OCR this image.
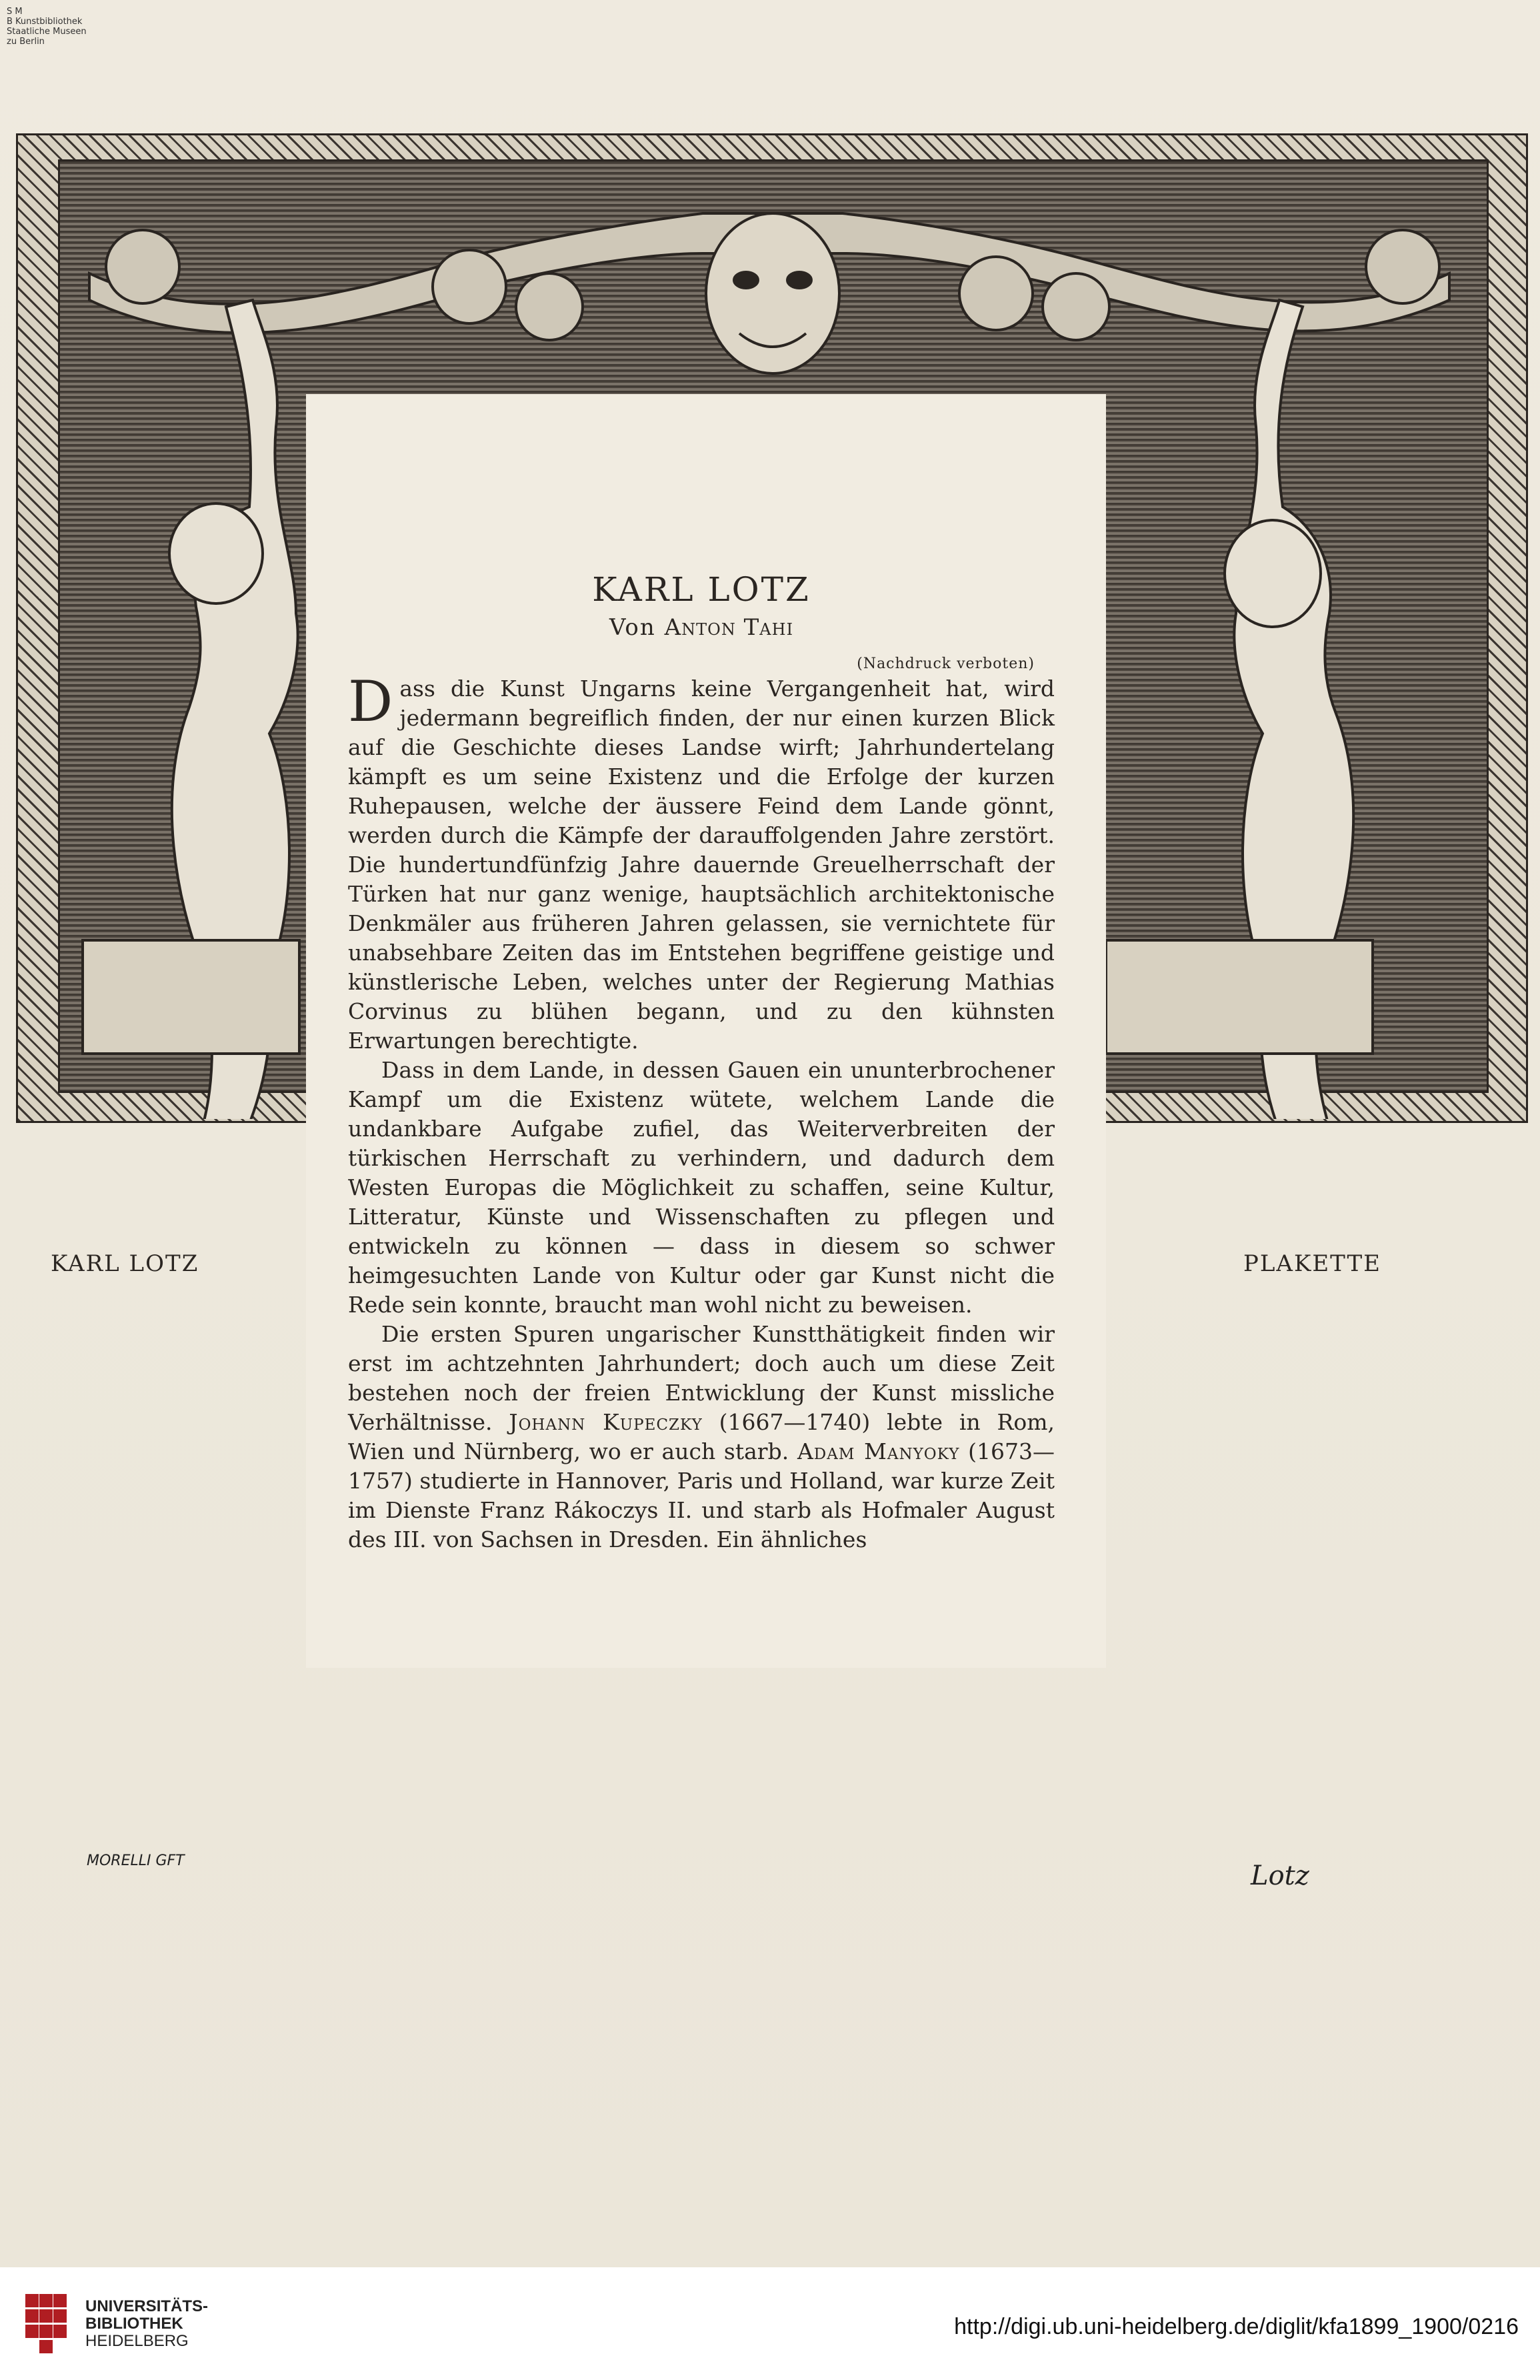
S M
B Kunstbibliothek
Staatliche Museen
zu Berlin
KARL LOTZ
Von Anton Tahi
(Nachdruck verboten)

Dass die Kunst Ungarns keine Vergangenheit hat, wird jedermann begreiflich finden, der nur einen kurzen Blick auf die Geschichte dieses Landse wirft; Jahrhundertelang kämpft es um seine Existenz und die Erfolge der kurzen Ruhepausen, welche der äussere Feind dem Lande gönnt, werden durch die Kämpfe der darauffolgenden Jahre zerstört. Die hundertundfünfzig Jahre dauernde Greuelherrschaft der Türken hat nur ganz wenige, hauptsächlich architektonische Denkmäler aus früheren Jahren gelassen, sie vernichtete für unabsehbare Zeiten das im Entstehen begriffene geistige und künstlerische Leben, welches unter der Regierung Mathias Corvinus zu blühen begann, und zu den kühnsten Erwartungen berechtigte.

Dass in dem Lande, in dessen Gauen ein ununterbrochener Kampf um die Existenz wütete, welchem Lande die undankbare Aufgabe zufiel, das Weiterverbreiten der türkischen Herrschaft zu verhindern, und dadurch dem Westen Europas die Möglichkeit zu schaffen, seine Kultur, Litteratur, Künste und Wissenschaften zu pflegen und entwickeln zu können — dass in diesem so schwer heimgesuchten Lande von Kultur oder gar Kunst nicht die Rede sein konnte, braucht man wohl nicht zu beweisen.

Die ersten Spuren ungarischer Kunstthätigkeit finden wir erst im achtzehnten Jahrhundert; doch auch um diese Zeit bestehen noch der freien Entwicklung der Kunst missliche Verhältnisse. Johann Kupeczky (1667—1740) lebte in Rom, Wien und Nürnberg, wo er auch starb. Adam Manyoky (1673—1757) studierte in Hannover, Paris und Holland, war kurze Zeit im Dienste Franz Rákoczys II. und starb als Hofmaler August des III. von Sachsen in Dresden. Ein ähnliches

MORELLI GFT	Lotz
KARL LOTZ	PLAKETTE
UNIVERSITÄTS-
BIBLIOTHEK
HEIDELBERG
http://digi.ub.uni-heidelberg.de/diglit/kfa1899_1900/0216
